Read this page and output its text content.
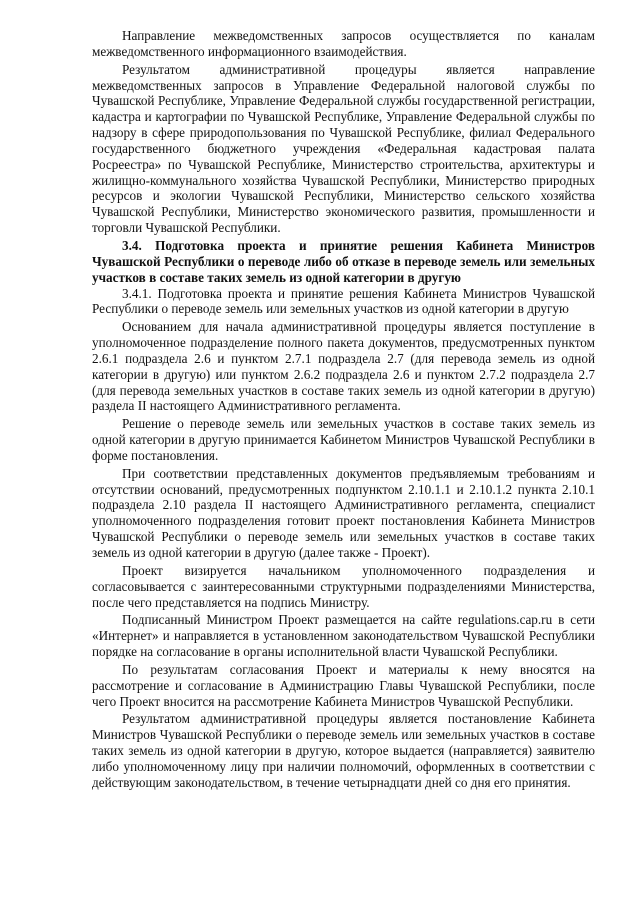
Направление межведомственных запросов осуществляется по каналам межведомственного информационного взаимодействия.

Результатом административной процедуры является направление межведомственных запросов в Управление Федеральной налоговой службы по Чувашской Республике, Управление Федеральной службы государственной регистрации, кадастра и картографии по Чувашской Республике, Управление Федеральной службы по надзору в сфере природопользования по Чувашской Республике, филиал Федерального государственного бюджетного учреждения «Федеральная кадастровая палата Росреестра» по Чувашской Республике, Министерство строительства, архитектуры и жилищно-коммунального хозяйства Чувашской Республики, Министерство природных ресурсов и экологии Чувашской Республики, Министерство сельского хозяйства Чувашской Республики, Министерство экономического развития, промышленности и торговли Чувашской Республики.

3.4. Подготовка проекта и принятие решения Кабинета Министров Чувашской Республики о переводе либо об отказе в переводе земель или земельных участков в составе таких земель из одной категории в другую

3.4.1. Подготовка проекта и принятие решения Кабинета Министров Чувашской Республики о переводе земель или земельных участков из одной категории в другую

Основанием для начала административной процедуры является поступление в уполномоченное подразделение полного пакета документов, предусмотренных пунктом 2.6.1 подраздела 2.6 и пунктом 2.7.1 подраздела 2.7 (для перевода земель из одной категории в другую) или пунктом 2.6.2 подраздела 2.6 и пунктом 2.7.2 подраздела 2.7 (для перевода земельных участков в составе таких земель из одной категории в другую) раздела II настоящего Административного регламента.

Решение о переводе земель или земельных участков в составе таких земель из одной категории в другую принимается Кабинетом Министров Чувашской Республики в форме постановления.

При соответствии представленных документов предъявляемым требованиям и отсутствии оснований, предусмотренных подпунктом 2.10.1.1 и 2.10.1.2 пункта 2.10.1 подраздела 2.10 раздела II настоящего Административного регламента, специалист уполномоченного подразделения готовит проект постановления Кабинета Министров Чувашской Республики о переводе земель или земельных участков в составе таких земель из одной категории в другую (далее также - Проект).

Проект визируется начальником уполномоченного подразделения и согласовывается с заинтересованными структурными подразделениями Министерства, после чего представляется на подпись Министру.

Подписанный Министром Проект размещается на сайте regulations.cap.ru в сети «Интернет» и направляется в установленном законодательством Чувашской Республики порядке на согласование в органы исполнительной власти Чувашской Республики.

По результатам согласования Проект и материалы к нему вносятся на рассмотрение и согласование в Администрацию Главы Чувашской Республики, после чего Проект вносится на рассмотрение Кабинета Министров Чувашской Республики.

Результатом административной процедуры является постановление Кабинета Министров Чувашской Республики о переводе земель или земельных участков в составе таких земель из одной категории в другую, которое выдается (направляется) заявителю либо уполномоченному лицу при наличии полномочий, оформленных в соответствии с действующим законодательством, в течение четырнадцати дней со дня его принятия.
